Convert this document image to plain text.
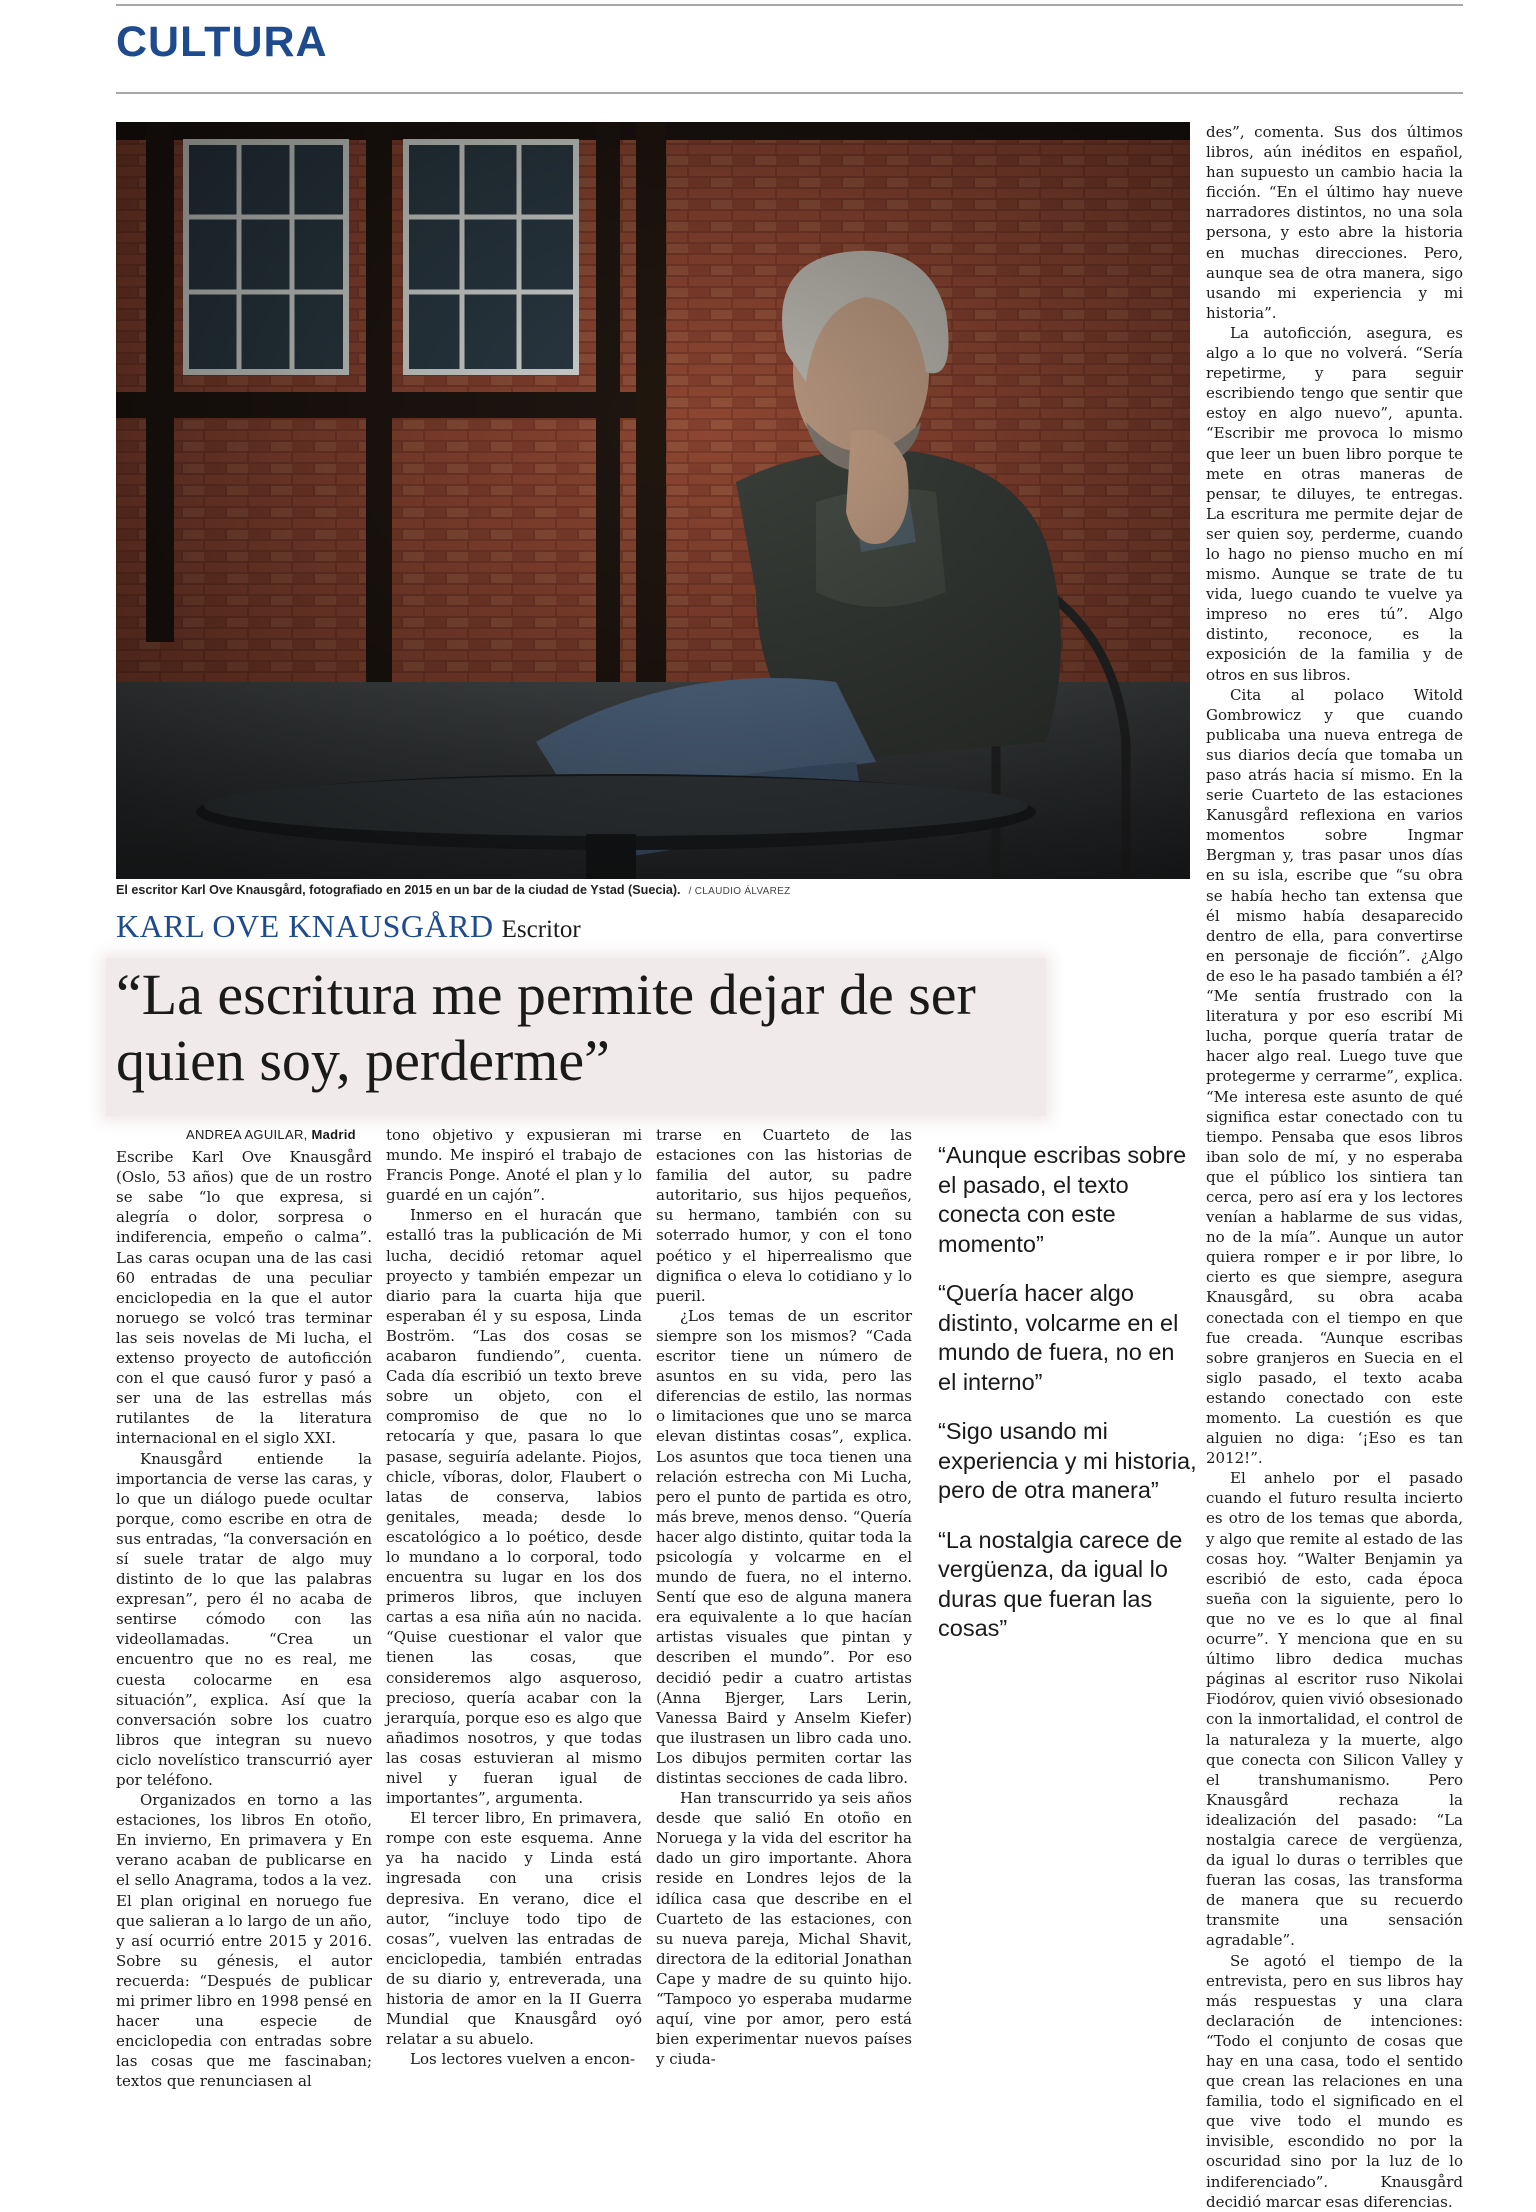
CULTURA
El escritor Karl Ove Knausgård, fotografiado en 2015 en un bar de la ciudad de Ystad (Suecia). / CLAUDIO ÁLVAREZ
KARL OVE KNAUSGÅRD Escritor
“La escritura me permite dejar de ser quien soy, perderme”

ANDREA AGUILAR, Madrid

Escribe Karl Ove Knausgård (Oslo, 53 años) que de un rostro se sabe “lo que expresa, si alegría o dolor, sorpresa o indiferencia, empeño o calma”. Las caras ocupan una de las casi 60 entradas de una peculiar enciclopedia en la que el autor noruego se volcó tras terminar las seis novelas de Mi lucha, el extenso proyecto de autoficción con el que causó furor y pasó a ser una de las estrellas más rutilantes de la literatura internacional en el siglo XXI.

Knausgård entiende la importancia de verse las caras, y lo que un diálogo puede ocultar porque, como escribe en otra de sus entradas, “la conversación en sí suele tratar de algo muy distinto de lo que las palabras expresan”, pero él no acaba de sentirse cómodo con las videollamadas. “Crea un encuentro que no es real, me cuesta colocarme en esa situación”, explica. Así que la conversación sobre los cuatro libros que integran su nuevo ciclo novelístico transcurrió ayer por teléfono.

Organizados en torno a las estaciones, los libros En otoño, En invierno, En primavera y En verano acaban de publicarse en el sello Anagrama, todos a la vez. El plan original en noruego fue que salieran a lo largo de un año, y así ocurrió entre 2015 y 2016. Sobre su génesis, el autor recuerda: “Después de publicar mi primer libro en 1998 pensé en hacer una especie de enciclopedia con entradas sobre las cosas que me fascinaban; textos que renunciasen al

tono objetivo y expusieran mi mundo. Me inspiró el trabajo de Francis Ponge. Anoté el plan y lo guardé en un cajón”.

Inmerso en el huracán que estalló tras la publicación de Mi lucha, decidió retomar aquel proyecto y también empezar un diario para la cuarta hija que esperaban él y su esposa, Linda Boström. “Las dos cosas se acabaron fundiendo”, cuenta. Cada día escribió un texto breve sobre un objeto, con el compromiso de que no lo retocaría y que, pasara lo que pasase, seguiría adelante. Piojos, chicle, víboras, dolor, Flaubert o latas de conserva, labios genitales, meada; desde lo escatológico a lo poético, desde lo mundano a lo corporal, todo encuentra su lugar en los dos primeros libros, que incluyen cartas a esa niña aún no nacida. “Quise cuestionar el valor que tienen las cosas, que consideremos algo asqueroso, precioso, quería acabar con la jerarquía, porque eso es algo que añadimos nosotros, y que todas las cosas estuvieran al mismo nivel y fueran igual de importantes”, argumenta.

El tercer libro, En primavera, rompe con este esquema. Anne ya ha nacido y Linda está ingresada con una crisis depresiva. En verano, dice el autor, “incluye todo tipo de cosas”, vuelven las entradas de enciclopedia, también entradas de su diario y, entreverada, una historia de amor en la II Guerra Mundial que Knausgård oyó relatar a su abuelo.

Los lectores vuelven a encon-

trarse en Cuarteto de las estaciones con las historias de familia del autor, su padre autoritario, sus hijos pequeños, su hermano, también con su soterrado humor, y con el tono poético y el hiperrealismo que dignifica o eleva lo cotidiano y lo pueril.

¿Los temas de un escritor siempre son los mismos? “Cada escritor tiene un número de asuntos en su vida, pero las diferencias de estilo, las normas o limitaciones que uno se marca elevan distintas cosas”, explica. Los asuntos que toca tienen una relación estrecha con Mi Lucha, pero el punto de partida es otro, más breve, menos denso. “Quería hacer algo distinto, quitar toda la psicología y volcarme en el mundo de fuera, no el interno. Sentí que eso de alguna manera era equivalente a lo que hacían artistas visuales que pintan y describen el mundo”. Por eso decidió pedir a cuatro artistas (Anna Bjerger, Lars Lerin, Vanessa Baird y Anselm Kiefer) que ilustrasen un libro cada uno. Los dibujos permiten cortar las distintas secciones de cada libro.

Han transcurrido ya seis años desde que salió En otoño en Noruega y la vida del escritor ha dado un giro importante. Ahora reside en Londres lejos de la idílica casa que describe en el Cuarteto de las estaciones, con su nueva pareja, Michal Shavit, directora de la editorial Jonathan Cape y madre de su quinto hijo. “Tampoco yo esperaba mudarme aquí, vine por amor, pero está bien experimentar nuevos países y ciuda-

“Aunque escribas sobre el pasado, el texto conecta con este momento”

“Quería hacer algo distinto, volcarme en el mundo de fuera, no en el interno”

“Sigo usando mi experiencia y mi historia, pero de otra manera”

“La nostalgia carece de vergüenza, da igual lo duras que fueran las cosas”

des”, comenta. Sus dos últimos libros, aún inéditos en español, han supuesto un cambio hacia la ficción. “En el último hay nueve narradores distintos, no una sola persona, y esto abre la historia en muchas direcciones. Pero, aunque sea de otra manera, sigo usando mi experiencia y mi historia”.

La autoficción, asegura, es algo a lo que no volverá. “Sería repetirme, y para seguir escribiendo tengo que sentir que estoy en algo nuevo”, apunta. “Escribir me provoca lo mismo que leer un buen libro porque te mete en otras maneras de pensar, te diluyes, te entregas. La escritura me permite dejar de ser quien soy, perderme, cuando lo hago no pienso mucho en mí mismo. Aunque se trate de tu vida, luego cuando te vuelve ya impreso no eres tú”. Algo distinto, reconoce, es la exposición de la familia y de otros en sus libros.

Cita al polaco Witold Gombrowicz y que cuando publicaba una nueva entrega de sus diarios decía que tomaba un paso atrás hacia sí mismo. En la serie Cuarteto de las estaciones Kanusgård reflexiona en varios momentos sobre Ingmar Bergman y, tras pasar unos días en su isla, escribe que “su obra se había hecho tan extensa que él mismo había desaparecido dentro de ella, para convertirse en personaje de ficción”. ¿Algo de eso le ha pasado también a él? “Me sentía frustrado con la literatura y por eso escribí Mi lucha, porque quería tratar de hacer algo real. Luego tuve que protegerme y cerrarme”, explica. “Me interesa este asunto de qué significa estar conectado con tu tiempo. Pensaba que esos libros iban solo de mí, y no esperaba que el público los sintiera tan cerca, pero así era y los lectores venían a hablarme de sus vidas, no de la mía”. Aunque un autor quiera romper e ir por libre, lo cierto es que siempre, asegura Knausgård, su obra acaba conectada con el tiempo en que fue creada. “Aunque escribas sobre granjeros en Suecia en el siglo pasado, el texto acaba estando conectado con este momento. La cuestión es que alguien no diga: ‘¡Eso es tan 2012!”.

El anhelo por el pasado cuando el futuro resulta incierto es otro de los temas que aborda, y algo que remite al estado de las cosas hoy. “Walter Benjamin ya escribió de esto, cada época sueña con la siguiente, pero lo que no ve es lo que al final ocurre”. Y menciona que en su último libro dedica muchas páginas al escritor ruso Nikolai Fiodórov, quien vivió obsesionado con la inmortalidad, el control de la naturaleza y la muerte, algo que conecta con Silicon Valley y el transhumanismo. Pero Knausgård rechaza la idealización del pasado: “La nostalgia carece de vergüenza, da igual lo duras o terribles que fueran las cosas, las transforma de manera que su recuerdo transmite una sensación agradable”.

Se agotó el tiempo de la entrevista, pero en sus libros hay más respuestas y una clara declaración de intenciones: “Todo el conjunto de cosas que hay en una casa, todo el sentido que crean las relaciones en una familia, todo el significado en el que vive todo el mundo es invisible, escondido no por la oscuridad sino por la luz de lo indiferenciado”. Knausgård decidió marcar esas diferencias.
